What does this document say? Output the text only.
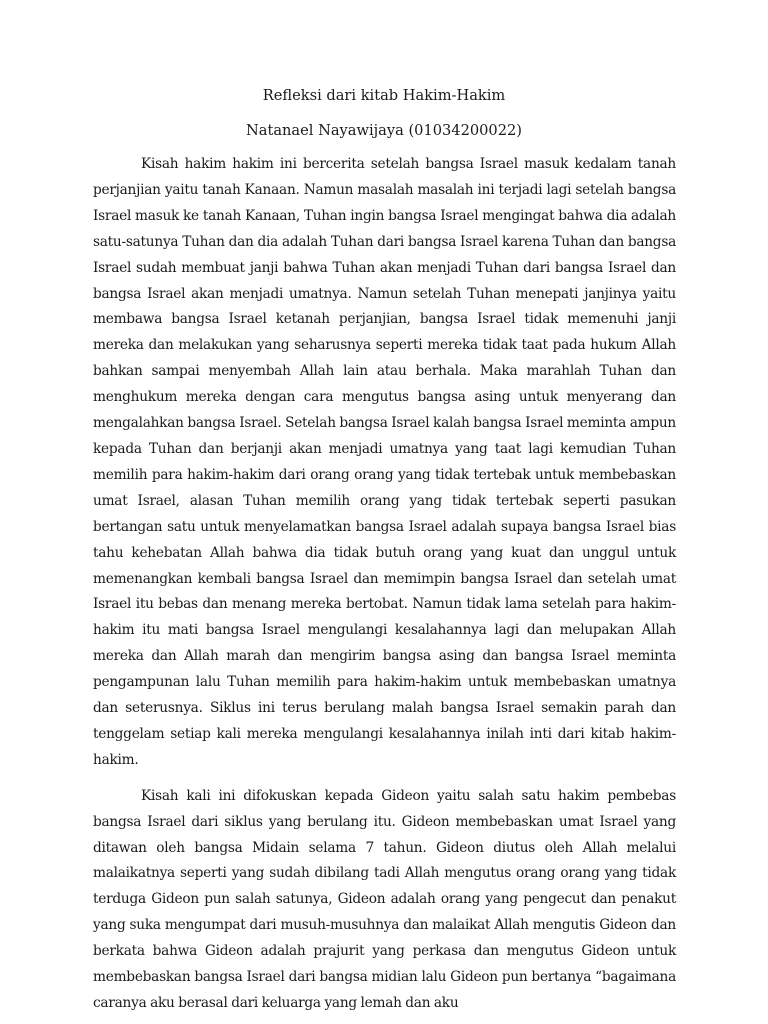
Refleksi dari kitab Hakim-Hakim
Natanael Nayawijaya (01034200022)

Kisah hakim hakim ini bercerita setelah bangsa Israel masuk kedalam tanah perjanjian yaitu tanah Kanaan. Namun masalah masalah ini terjadi lagi setelah bangsa Israel masuk ke tanah Kanaan, Tuhan ingin bangsa Israel mengingat bahwa dia adalah satu-satunya Tuhan dan dia adalah Tuhan dari bangsa Israel karena Tuhan dan bangsa Israel sudah membuat janji bahwa Tuhan akan menjadi Tuhan dari bangsa Israel dan bangsa Israel akan menjadi umatnya. Namun setelah Tuhan menepati janjinya yaitu membawa bangsa Israel ketanah perjanjian, bangsa Israel tidak memenuhi janji mereka dan melakukan yang seharusnya seperti mereka tidak taat pada hukum Allah bahkan sampai menyembah Allah lain atau berhala. Maka marahlah Tuhan dan menghukum mereka dengan cara mengutus bangsa asing untuk menyerang dan mengalahkan bangsa Israel. Setelah bangsa Israel kalah bangsa Israel meminta ampun kepada Tuhan dan berjanji akan menjadi umatnya yang taat lagi kemudian Tuhan memilih para hakim-hakim dari orang orang yang tidak tertebak untuk membebaskan umat Israel, alasan Tuhan memilih orang yang tidak tertebak seperti pasukan bertangan satu untuk menyelamatkan bangsa Israel adalah supaya bangsa Israel bias tahu kehebatan Allah bahwa dia tidak butuh orang yang kuat dan unggul untuk memenangkan kembali bangsa Israel dan memimpin bangsa Israel dan setelah umat Israel itu bebas dan menang mereka bertobat. Namun tidak lama setelah para hakim-hakim itu mati bangsa Israel mengulangi kesalahannya lagi dan melupakan Allah mereka dan Allah marah dan mengirim bangsa asing dan bangsa Israel meminta pengampunan lalu Tuhan memilih para hakim-hakim untuk membebaskan umatnya dan seterusnya. Siklus ini terus berulang malah bangsa Israel semakin parah dan tenggelam setiap kali mereka mengulangi kesalahannya inilah inti dari kitab hakim-hakim.

Kisah kali ini difokuskan kepada Gideon yaitu salah satu hakim pembebas bangsa Israel dari siklus yang berulang itu. Gideon membebaskan umat Israel yang ditawan oleh bangsa Midain selama 7 tahun. Gideon diutus oleh Allah melalui malaikatnya seperti yang sudah dibilang tadi Allah mengutus orang orang yang tidak terduga Gideon pun salah satunya, Gideon adalah orang yang pengecut dan penakut yang suka mengumpat dari musuh-musuhnya dan malaikat Allah mengutis Gideon dan berkata bahwa Gideon adalah prajurit yang perkasa dan mengutus Gideon untuk membebaskan bangsa Israel dari bangsa midian lalu Gideon pun bertanya “bagaimana caranya aku berasal dari keluarga yang lemah dan aku
